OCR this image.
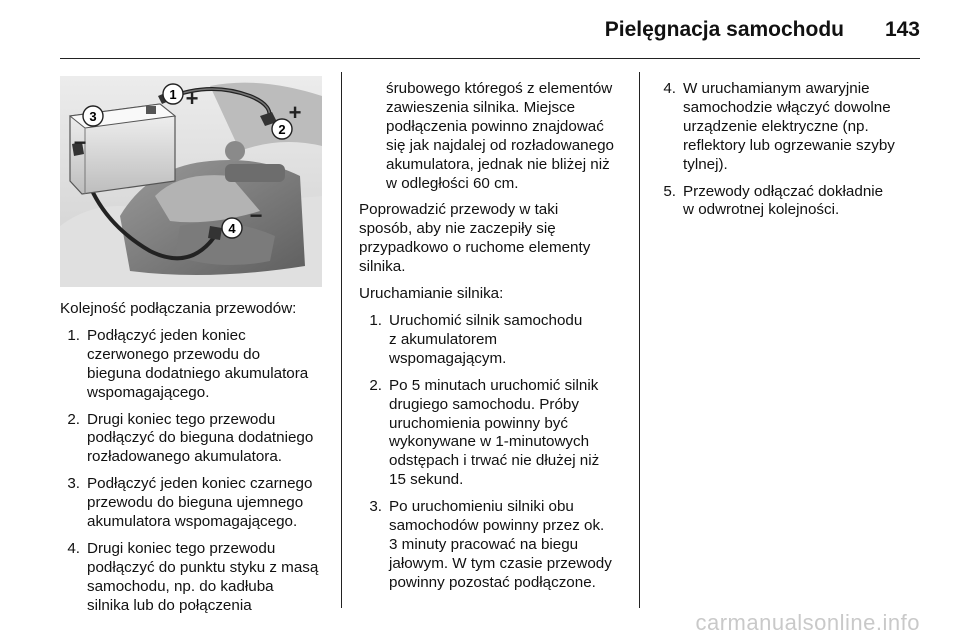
Pielęgnacja samochodu	143
1
2
3
4
+
+
−
−

Kolejność podłączania przewodów:

1. Podłączyć jeden koniec
czerwonego przewodu do
bieguna dodatniego akumulatora
wspomagającego.
2. Drugi koniec tego przewodu
podłączyć do bieguna dodatniego
rozładowanego akumulatora.
3. Podłączyć jeden koniec czarnego
przewodu do bieguna ujemnego
akumulatora wspomagającego.
4. Drugi koniec tego przewodu
podłączyć do punktu styku z masą
samochodu, np. do kadłuba
silnika lub do połączenia

śrubowego któregoś z elementów
zawieszenia silnika. Miejsce
podłączenia powinno znajdować
się jak najdalej od rozładowanego
akumulatora, jednak nie bliżej niż
w odległości 60 cm.

Poprowadzić przewody w taki
sposób, aby nie zaczepiły się
przypadkowo o ruchome elementy
silnika.

Uruchamianie silnika:

1. Uruchomić silnik samochodu
z akumulatorem
wspomagającym.
2. Po 5 minutach uruchomić silnik
drugiego samochodu. Próby
uruchomienia powinny być
wykonywane w 1-minutowych
odstępach i trwać nie dłużej niż
15 sekund.
3. Po uruchomieniu silniki obu
samochodów powinny przez ok.
3 minuty pracować na biegu
jałowym. W tym czasie przewody
powinny pozostać podłączone.
4. W uruchamianym awaryjnie
samochodzie włączyć dowolne
urządzenie elektryczne (np.
reflektory lub ogrzewanie szyby
tylnej).
5. Przewody odłączać dokładnie
w odwrotnej kolejności.
carmanualsonline.info
